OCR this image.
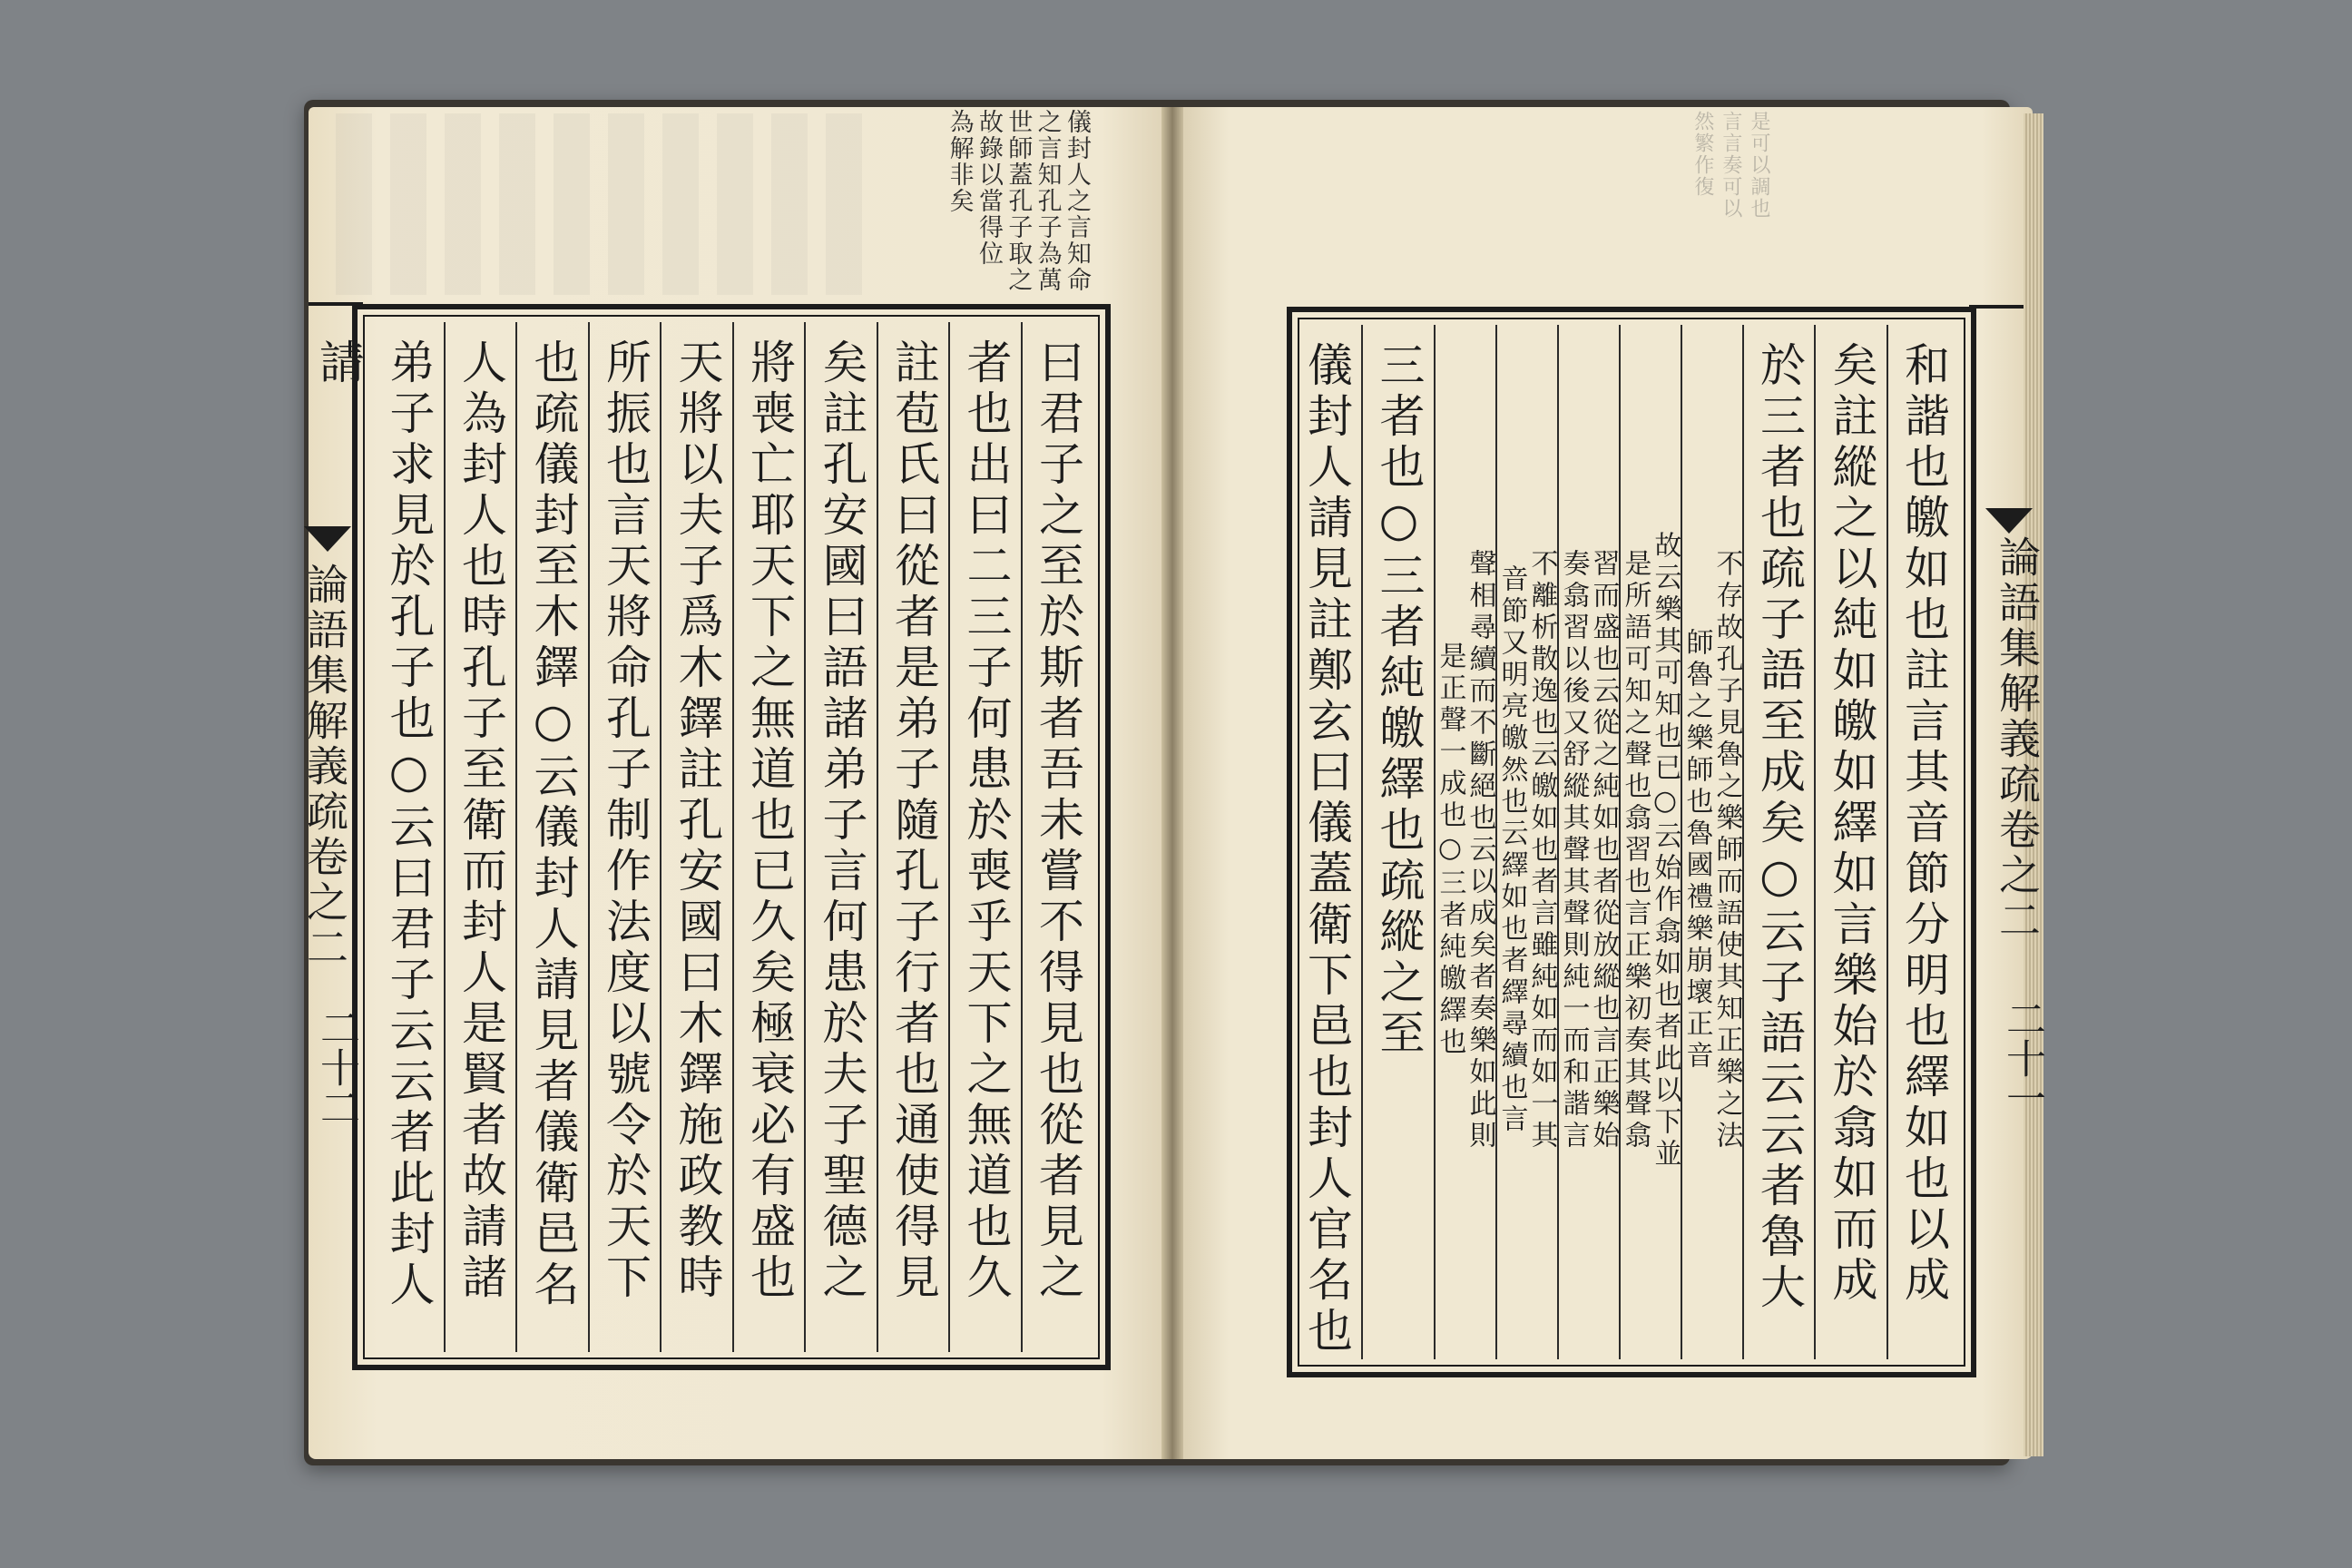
儀封人之言知命
之言知孔子為萬
世師蓋孔子取之
故錄以當得位
為解非矣	是可以調也
言言奏可以
然繁作復
論語集解義疏卷之二	論語集解義疏卷之二
二十二	二十一
曰君子之至於斯者吾未嘗不得見也從者見之
者也出曰二三子何患於喪乎天下之無道也久
註苞氏曰從者是弟子隨孔子行者也通使得見
矣註孔安國曰語諸弟子言何患於夫子聖德之
將喪亡耶天下之無道也已久矣極衰必有盛也
天將以夫子爲木鐸註孔安國曰木鐸施政教時
所振也言天將命孔子制作法度以號令於天下
也疏儀封至木鐸○云儀封人請見者儀衛邑名
人為封人也時孔子至衛而封人是賢者故請諸
弟子求見於孔子也○云曰君子云云者此封人請	和諧也皦如也註言其音節分明也繹如也以成
矣註縱之以純如皦如繹如言樂始於翕如而成
於三者也疏子語至成矣○云子語云云者魯大
不存故孔子見魯之樂師而語使其知正樂之法
師魯之樂師也魯國禮樂崩壞正音
故云樂其可知也已○云始作翕如也者此以下並
是所語可知之聲也翕習也言正樂初奏其聲翕
習而盛也云從之純如也者從放縱也言正樂始
奏翕習以後又舒縱其聲其聲則純一而和諧言
不離析散逸也云皦如也者言雖純如而如一其
音節又明亮皦然也云繹如也者繹尋續也言
聲相尋續而不斷絕也云以成矣者奏樂如此則
是正聲一成也○三者純皦繹也
三者也○三者純皦繹也疏縱之至
儀封人請見註鄭玄曰儀蓋衛下邑也封人官名也
